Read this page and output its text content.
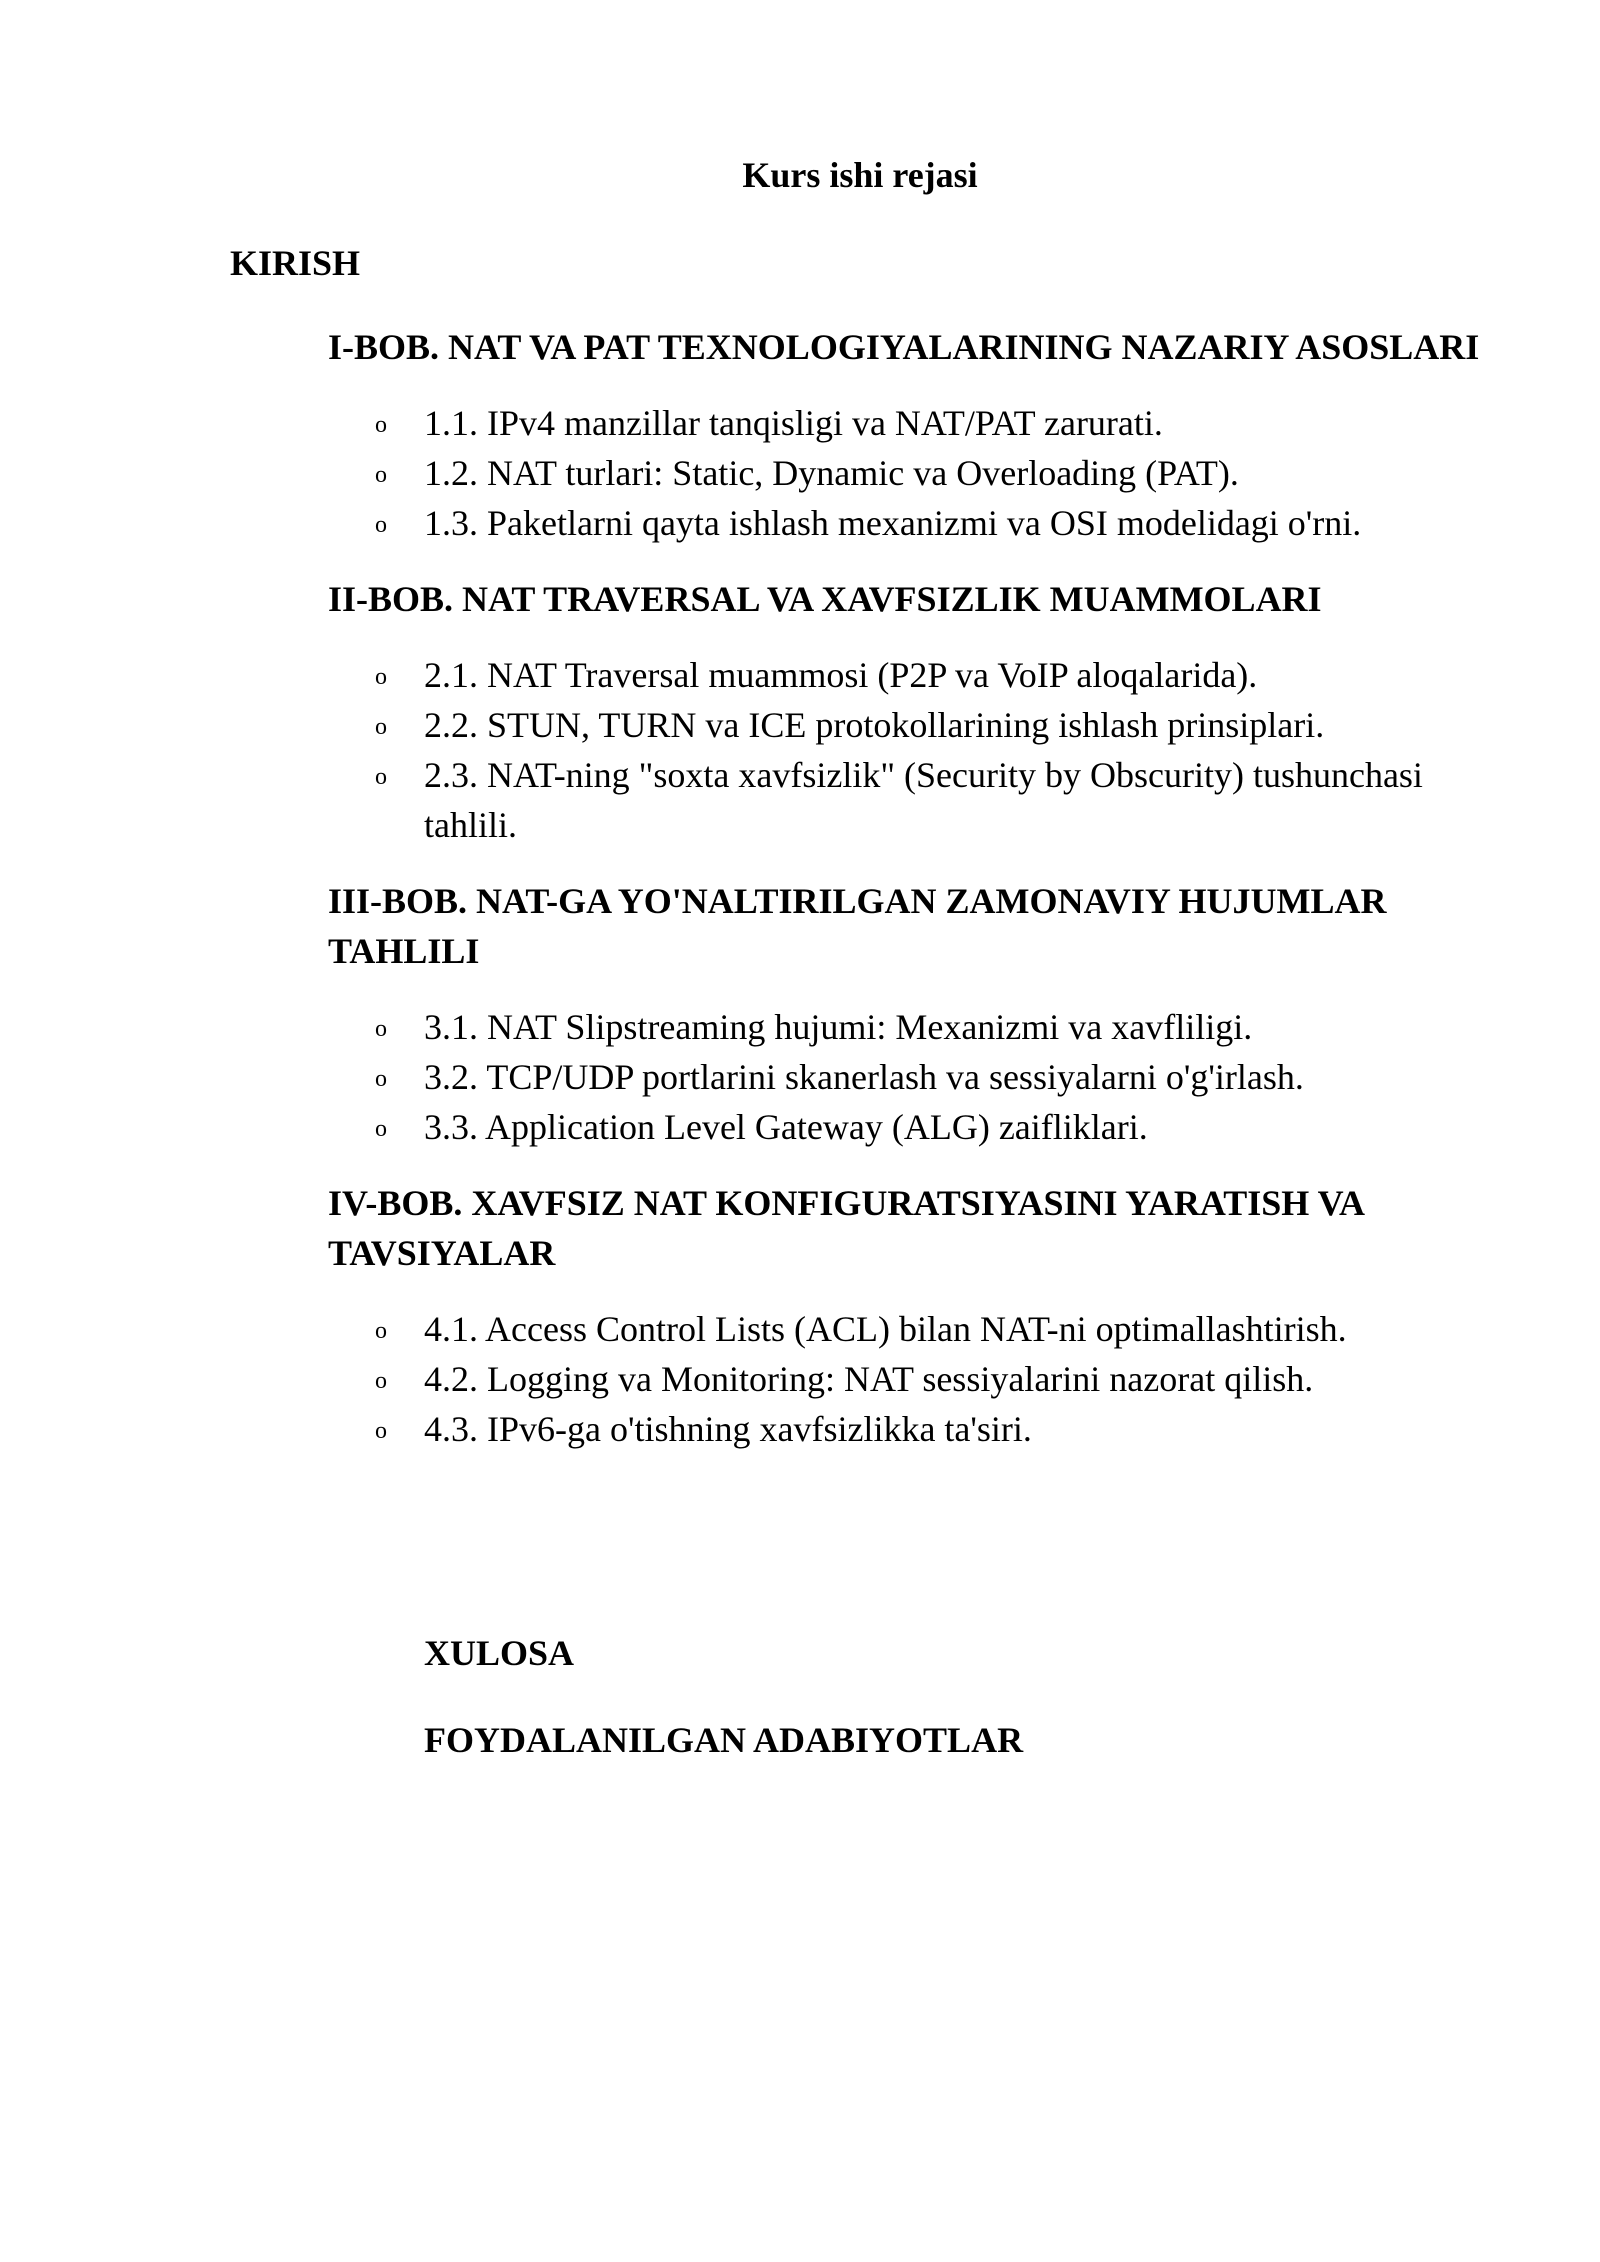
Kurs ishi rejasi
KIRISH
I-BOB. NAT VA PAT TEXNOLOGIYALARINING NAZARIY ASOSLARI
o 1.1. IPv4 manzillar tanqisligi va NAT/PAT zarurati.
o 1.2. NAT turlari: Static, Dynamic va Overloading (PAT).
o 1.3. Paketlarni qayta ishlash mexanizmi va OSI modelidagi o'rni.
II-BOB. NAT TRAVERSAL VA XAVFSIZLIK MUAMMOLARI
o 2.1. NAT Traversal muammosi (P2P va VoIP aloqalarida).
o 2.2. STUN, TURN va ICE protokollarining ishlash prinsiplari.
o 2.3. NAT-ning "soxta xavfsizlik" (Security by Obscurity) tushunchasi tahlili.
III-BOB. NAT-GA YO'NALTIRILGAN ZAMONAVIY HUJUMLAR TAHLILI
o 3.1. NAT Slipstreaming hujumi: Mexanizmi va xavfliligi.
o 3.2. TCP/UDP portlarini skanerlash va sessiyalarni o'g'irlash.
o 3.3. Application Level Gateway (ALG) zaifliklari.
IV-BOB. XAVFSIZ NAT KONFIGURATSIYASINI YARATISH VA TAVSIYALAR
o 4.1. Access Control Lists (ACL) bilan NAT-ni optimallashtirish.
o 4.2. Logging va Monitoring: NAT sessiyalarini nazorat qilish.
o 4.3. IPv6-ga o'tishning xavfsizlikka ta'siri.
XULOSA
FOYDALANILGAN ADABIYOTLAR
